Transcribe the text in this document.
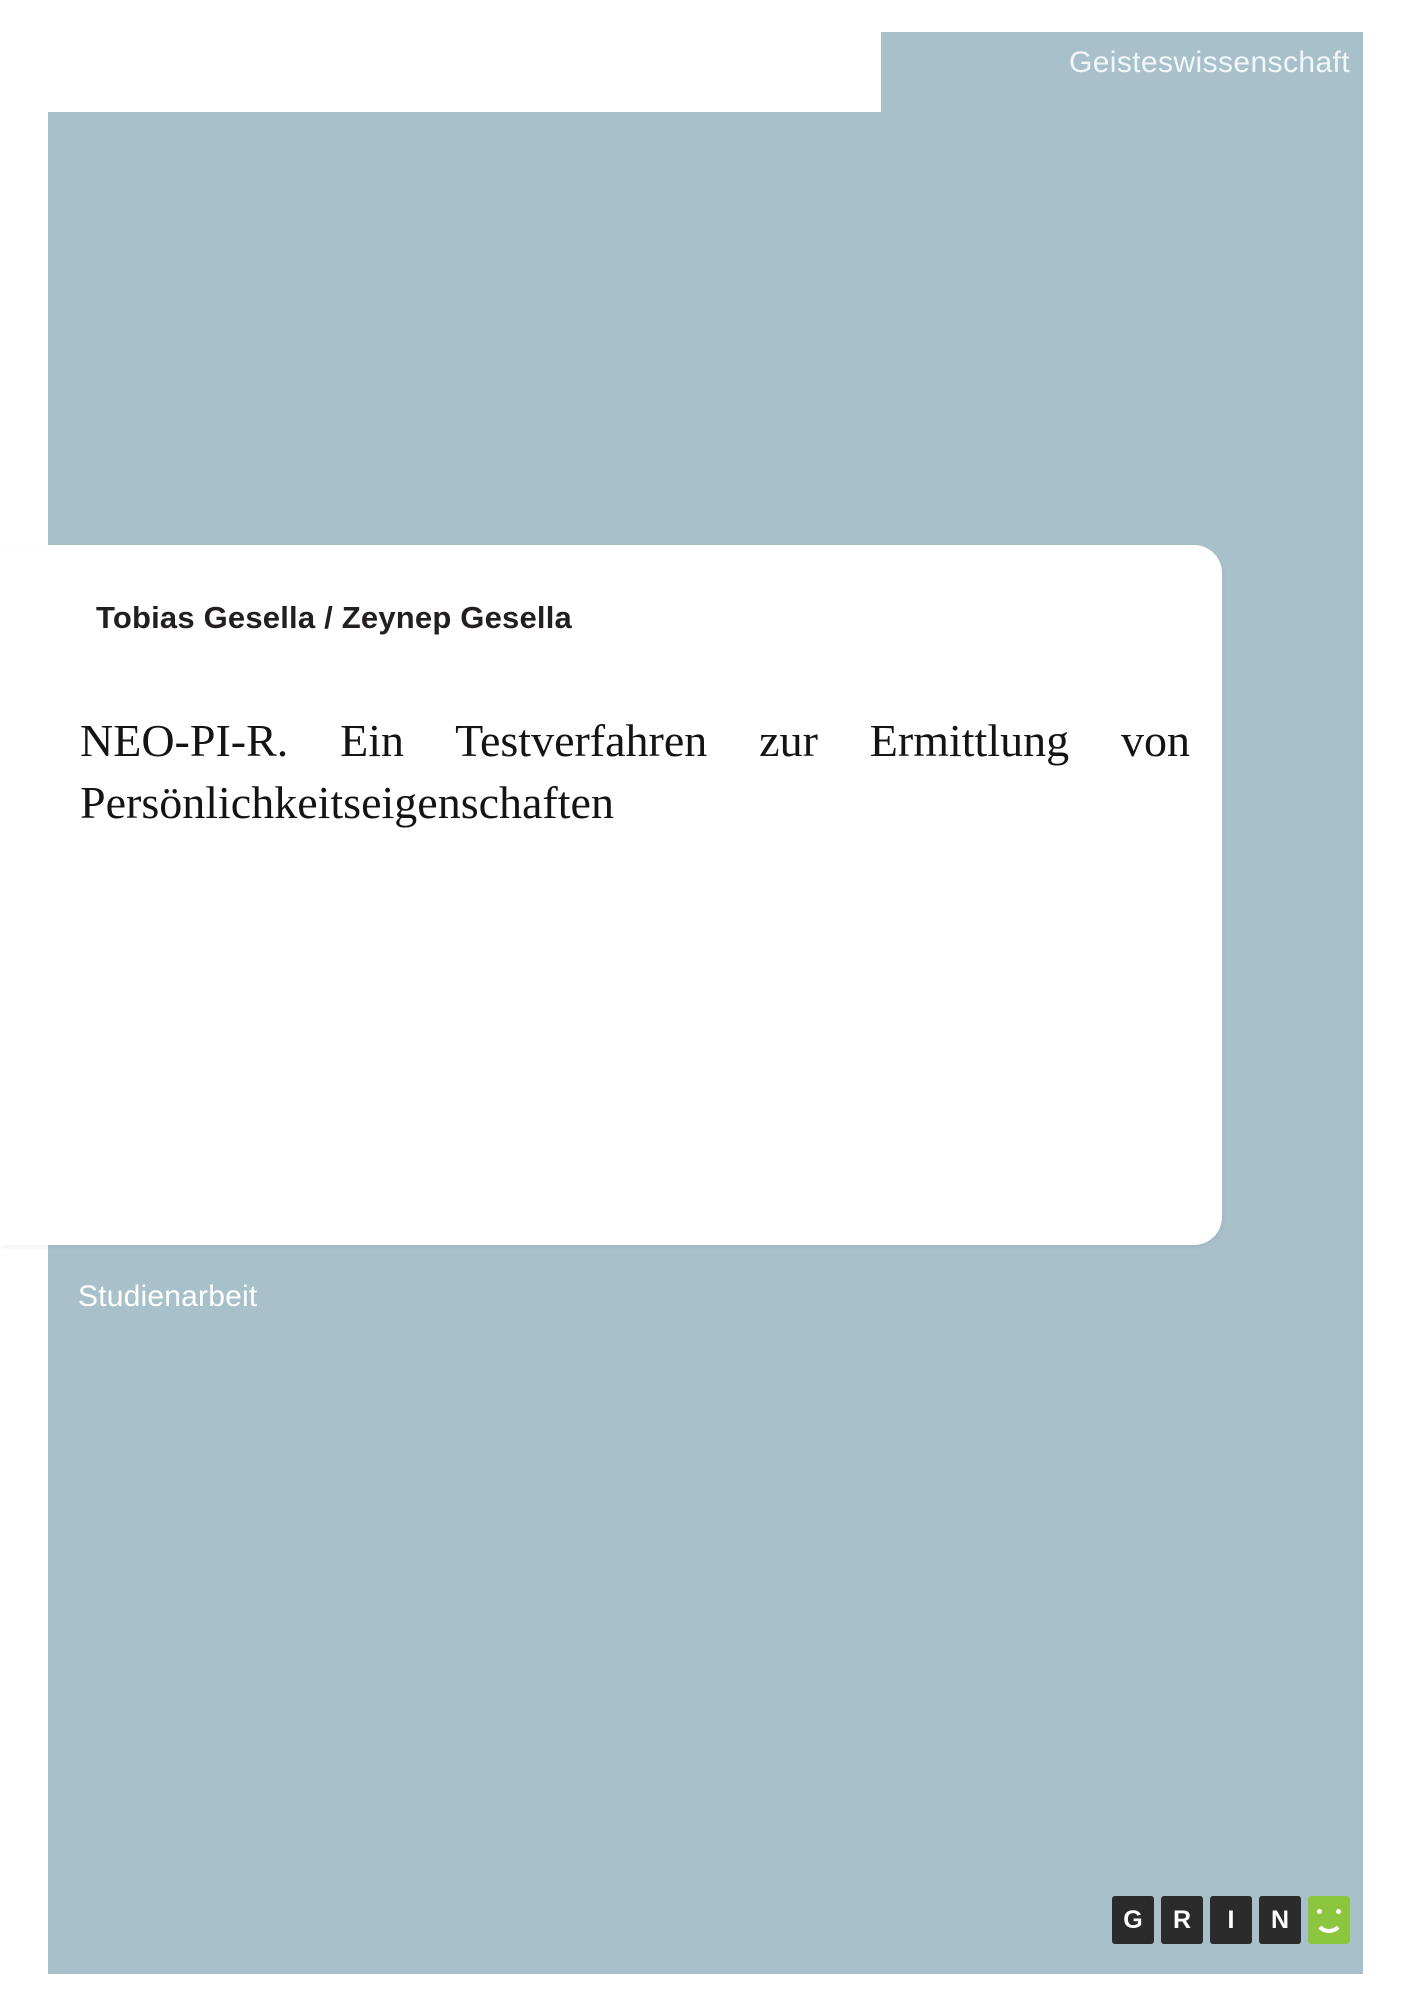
Geisteswissenschaft
Tobias Gesella / Zeynep Gesella
NEO-PI-R. Ein Testverfahren zur Ermittlung von Persönlichkeitseigenschaften
Studienarbeit
G	R	I	N
